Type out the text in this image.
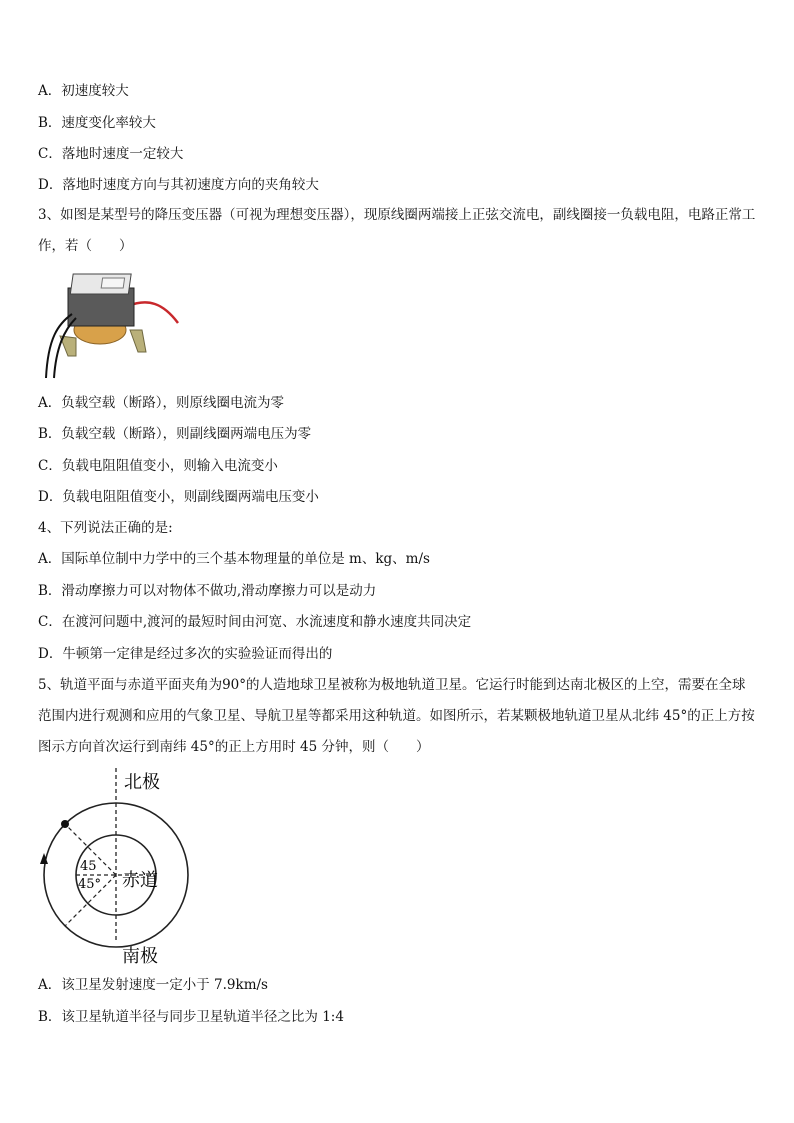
A．初速度较大
B．速度变化率较大
C．落地时速度一定较大
D．落地时速度方向与其初速度方向的夹角较大
3、如图是某型号的降压变压器（可视为理想变压器），现原线圈两端接上正弦交流电，副线圈接一负载电阻，电路正常工作，若（　　）
A．负载空载（断路），则原线圈电流为零
B．负载空载（断路），则副线圈两端电压为零
C．负载电阻阻值变小，则输入电流变小
D．负载电阻阻值变小，则副线圈两端电压变小
4、下列说法正确的是:
A．国际单位制中力学中的三个基本物理量的单位是 m、kg、m/s
B．滑动摩擦力可以对物体不做功,滑动摩擦力可以是动力
C．在渡河问题中,渡河的最短时间由河宽、水流速度和静水速度共同决定
D．牛顿第一定律是经过多次的实验验证而得出的
5、轨道平面与赤道平面夹角为90°的人造地球卫星被称为极地轨道卫星。它运行时能到达南北极区的上空，需要在全球范围内进行观测和应用的气象卫星、导航卫星等都采用这种轨道。如图所示，若某颗极地轨道卫星从北纬 45°的正上方按图示方向首次运行到南纬 45°的正上方用时 45 分钟，则（　　）
北极
南极
赤道
45
45°
A．该卫星发射速度一定小于 7.9km/s
B．该卫星轨道半径与同步卫星轨道半径之比为 1:4
